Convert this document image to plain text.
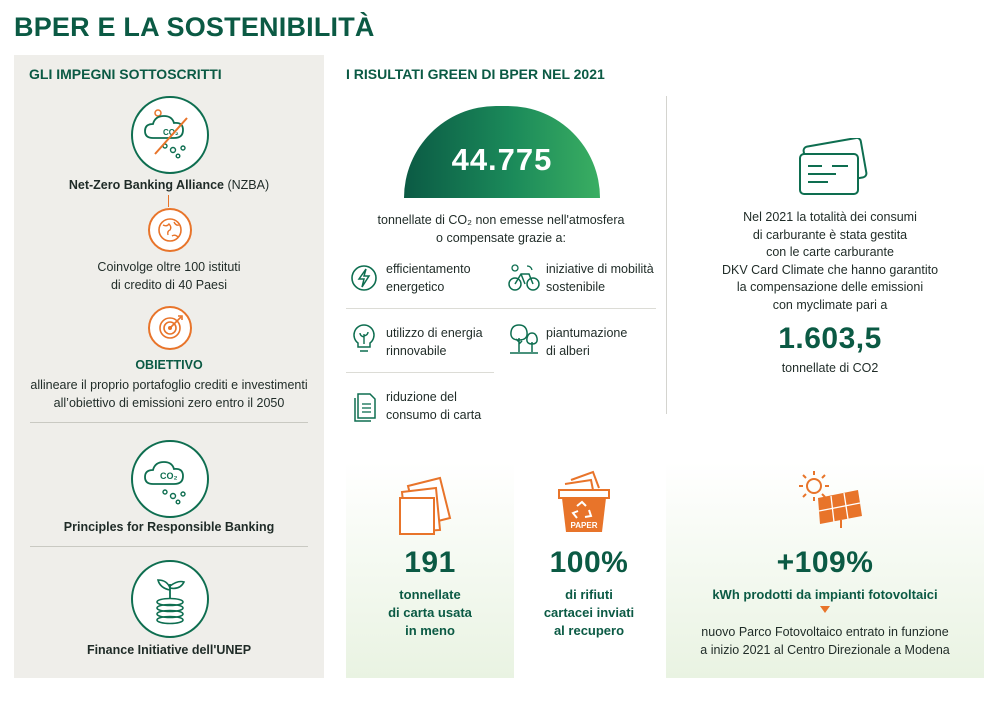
BPER E LA SOSTENIBILITÀ
GLI IMPEGNI SOTTOSCRITTI
CO₂
Net-Zero Banking Alliance (NZBA)
Coinvolge oltre 100 istituti
di credito di 40 Paesi
OBIETTIVO
allineare il proprio portafoglio crediti e investimenti
all’obiettivo di emissioni zero entro il 2050
CO₂
Principles for Responsible Banking
Finance Initiative dell'UNEP
I RISULTATI GREEN DI BPER NEL 2021
44.775
tonnellate di CO₂ non emesse nell'atmosfera
o compensate grazie a:
efficientamento
energetico
iniziative di mobilità
sostenibile
utilizzo di energia
rinnovabile
piantumazione
di alberi
riduzione del
consumo di carta
Nel 2021 la totalità dei consumi
di carburante è stata gestita
con le carte carburante
DKV Card Climate che hanno garantito
la compensazione delle emissioni
con myclimate pari a
1.603,5
tonnellate di CO2
191
tonnellate
di carta usata
in meno
PAPER
100%
di rifiuti
cartacei inviati
al recupero
+109%
kWh prodotti da impianti fotovoltaici
nuovo Parco Fotovoltaico entrato in funzione
a inizio 2021 al Centro Direzionale a Modena
